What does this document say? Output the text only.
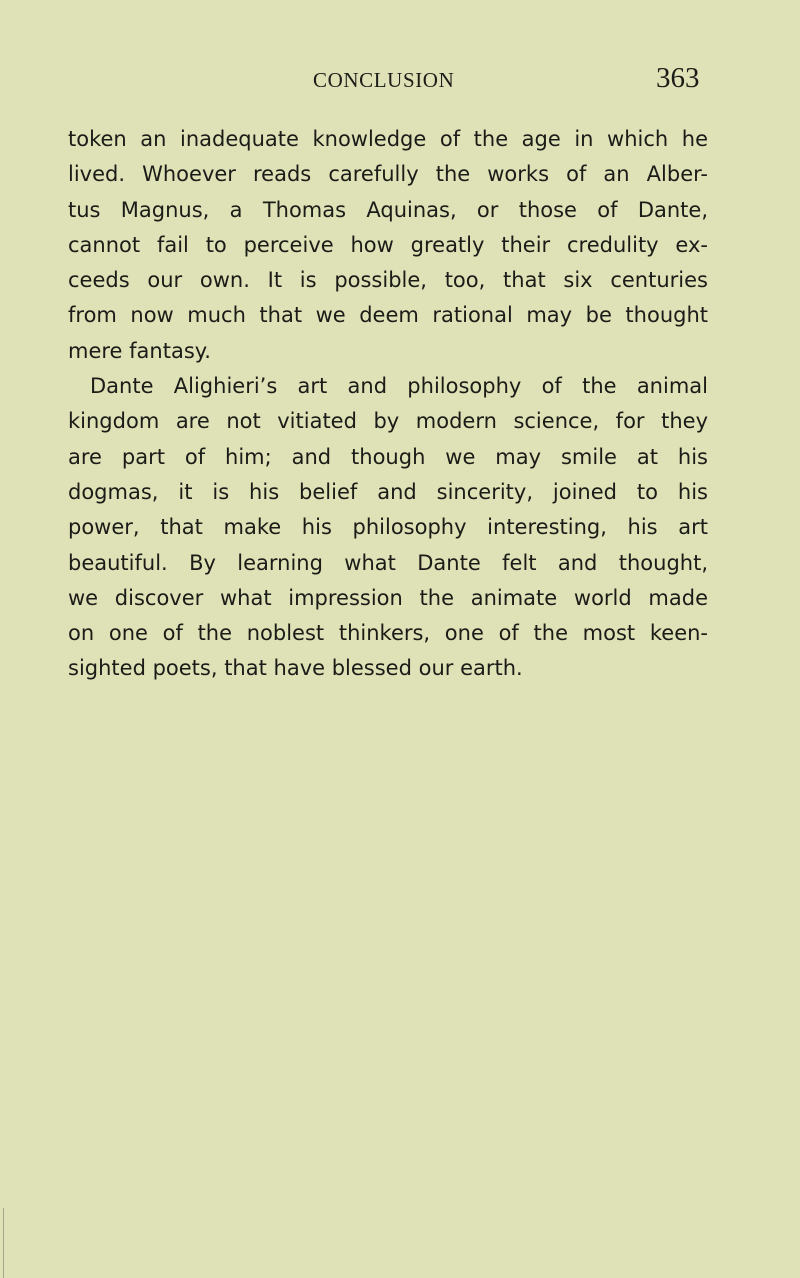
CONCLUSION	363
token an inadequate knowledge of the age in which he
lived. Whoever reads carefully the works of an Alber-
tus Magnus, a Thomas Aquinas, or those of Dante,
cannot fail to perceive how greatly their credulity ex-
ceeds our own. It is possible, too, that six centuries
from now much that we deem rational may be thought
mere fantasy.
Dante Alighieri’s art and philosophy of the animal
kingdom are not vitiated by modern science, for they
are part of him; and though we may smile at his
dogmas, it is his belief and sincerity, joined to his
power, that make his philosophy interesting, his art
beautiful. By learning what Dante felt and thought,
we discover what impression the animate world made
on one of the noblest thinkers, one of the most keen-
sighted poets, that have blessed our earth.
